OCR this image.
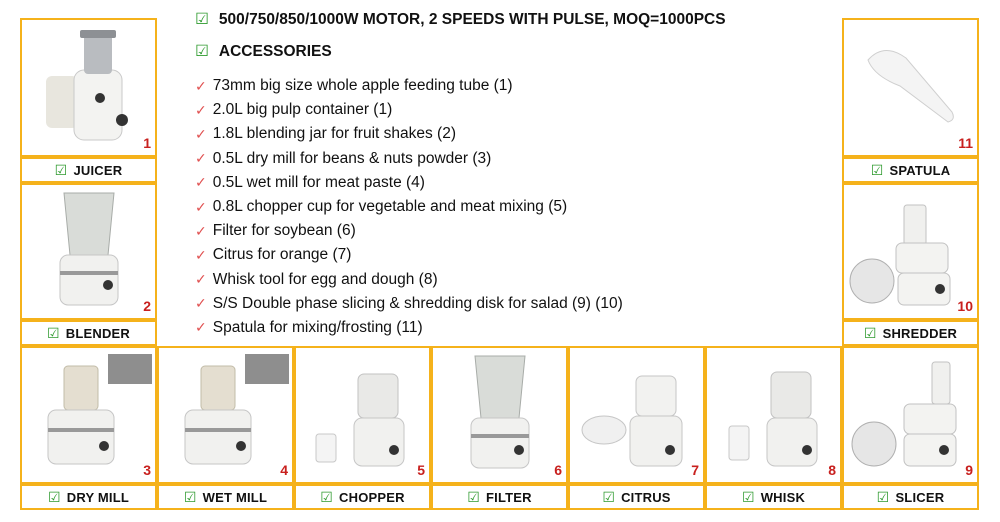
☑ 500/750/850/1000W MOTOR, 2 SPEEDS WITH PULSE, MOQ=1000PCS
☑ ACCESSORIES
✓ 73mm big size whole apple feeding tube (1)
✓ 2.0L big pulp container (1)
✓ 1.8L blending jar for fruit shakes (2)
✓ 0.5L dry mill for beans & nuts powder (3)
✓ 0.5L wet mill for meat paste (4)
✓ 0.8L chopper cup for vegetable and meat mixing (5)
✓ Filter for soybean (6)
✓ Citrus for orange (7)
✓ Whisk tool for egg and dough (8)
✓ S/S Double phase slicing & shredding disk for salad (9) (10)
✓ Spatula for mixing/frosting (11)
1
☑ JUICER
2
☑ BLENDER
11
☑ SPATULA
10
☑ SHREDDER
3
☑ DRY MILL
4
☑ WET MILL
5
☑ CHOPPER
6
☑ FILTER
7
☑ CITRUS
8
☑ WHISK
9
☑ SLICER
